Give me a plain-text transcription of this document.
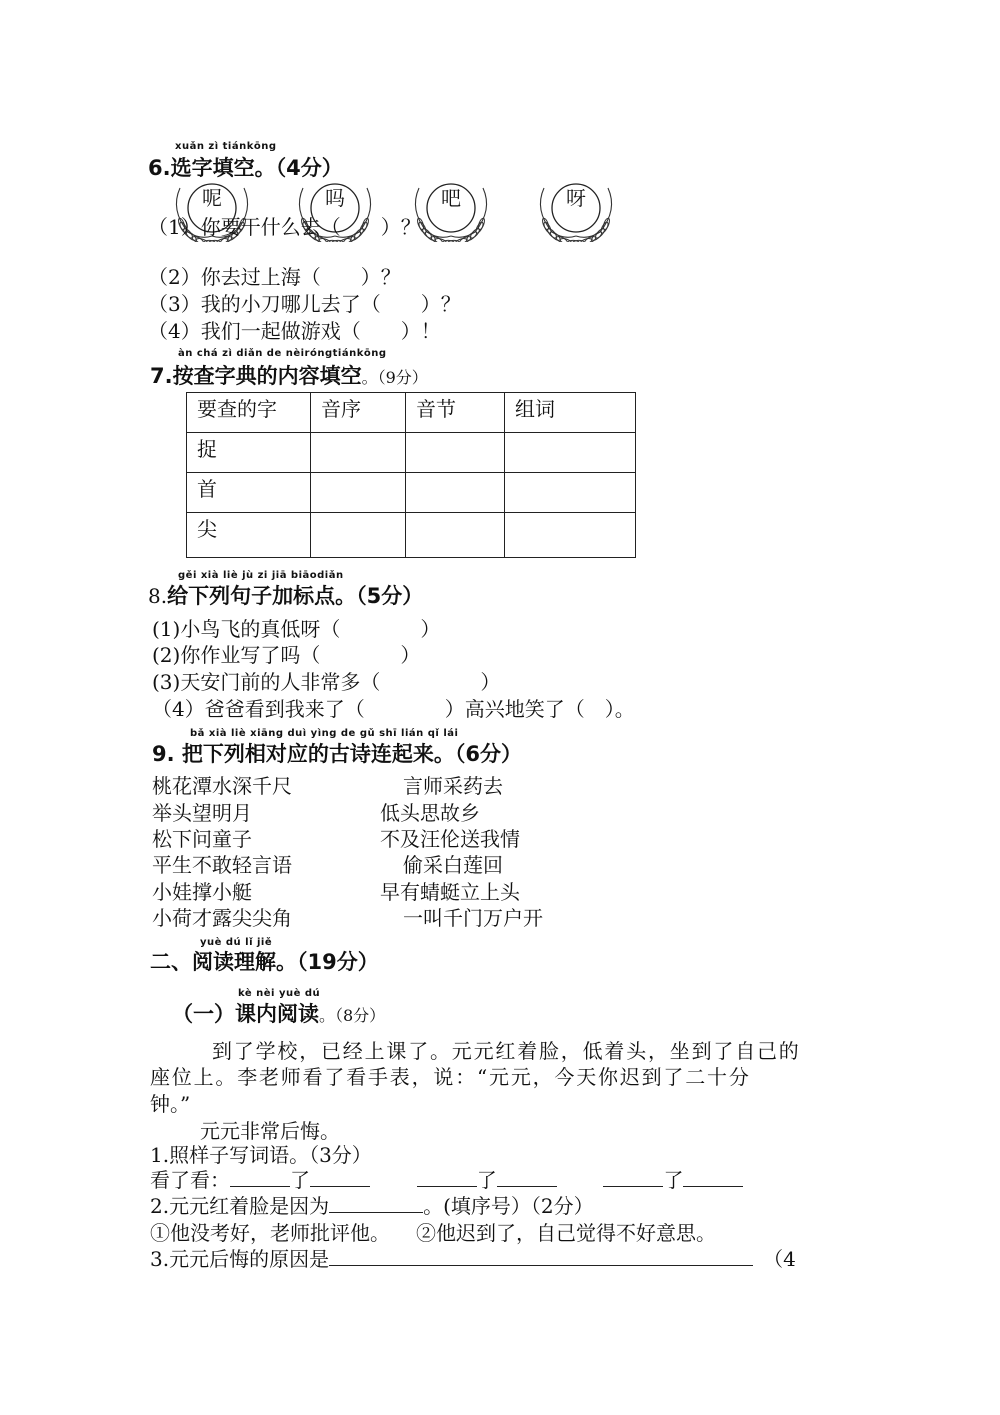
xuǎn zì tiánkōng
6.选字填空。（4分）
呢	吗	吧	呀
（1）你要干什么去（　　）？
（2）你去过上海（　　）？
（3）我的小刀哪儿去了（　　）？
（4）我们一起做游戏（　　）！
àn chá zì diǎn de nèiróngtiánkōng
7.按查字典的内容填空。（9分）
要查的字	音序	音节	组词
捉			
首			
尖			
gěi xià liè jù zi jiā biāodiǎn
8.给下列句子加标点。（5分）
(1)小鸟飞的真低呀（　　　　）
(2)你作业写了吗（　　　　）
(3)天安门前的人非常多（　　　　　）
（4）爸爸看到我来了（　　　　）高兴地笑了（　）。
bǎ xià liè xiāng duì yìng de gǔ shī lián qǐ lái
9. 把下列相对应的古诗连起来。（6分）
桃花潭水深千尺
举头望明月
松下问童子
平生不敢轻言语
小娃撑小艇
小荷才露尖尖角
言师采药去
低头思故乡
不及汪伦送我情
偷采白莲回
早有蜻蜓立上头
一叫千门万户开
yuè dú lǐ jiě
二、阅读理解。（19分）
kè nèi yuè dú
（一）课内阅读。（8分）
到了学校，已经上课了。元元红着脸，低着头，坐到了自己的
座位上。李老师看了看手表，说：“元元，今天你迟到了二十分
钟。”
元元非常后悔。
1.照样子写词语。（3分）
看了看：	了	了	了
2.元元红着脸是因为	。(填序号）（2分）
①他没考好，老师批评他。 ②他迟到了，自己觉得不好意思。
3.元元后悔的原因是	（4
